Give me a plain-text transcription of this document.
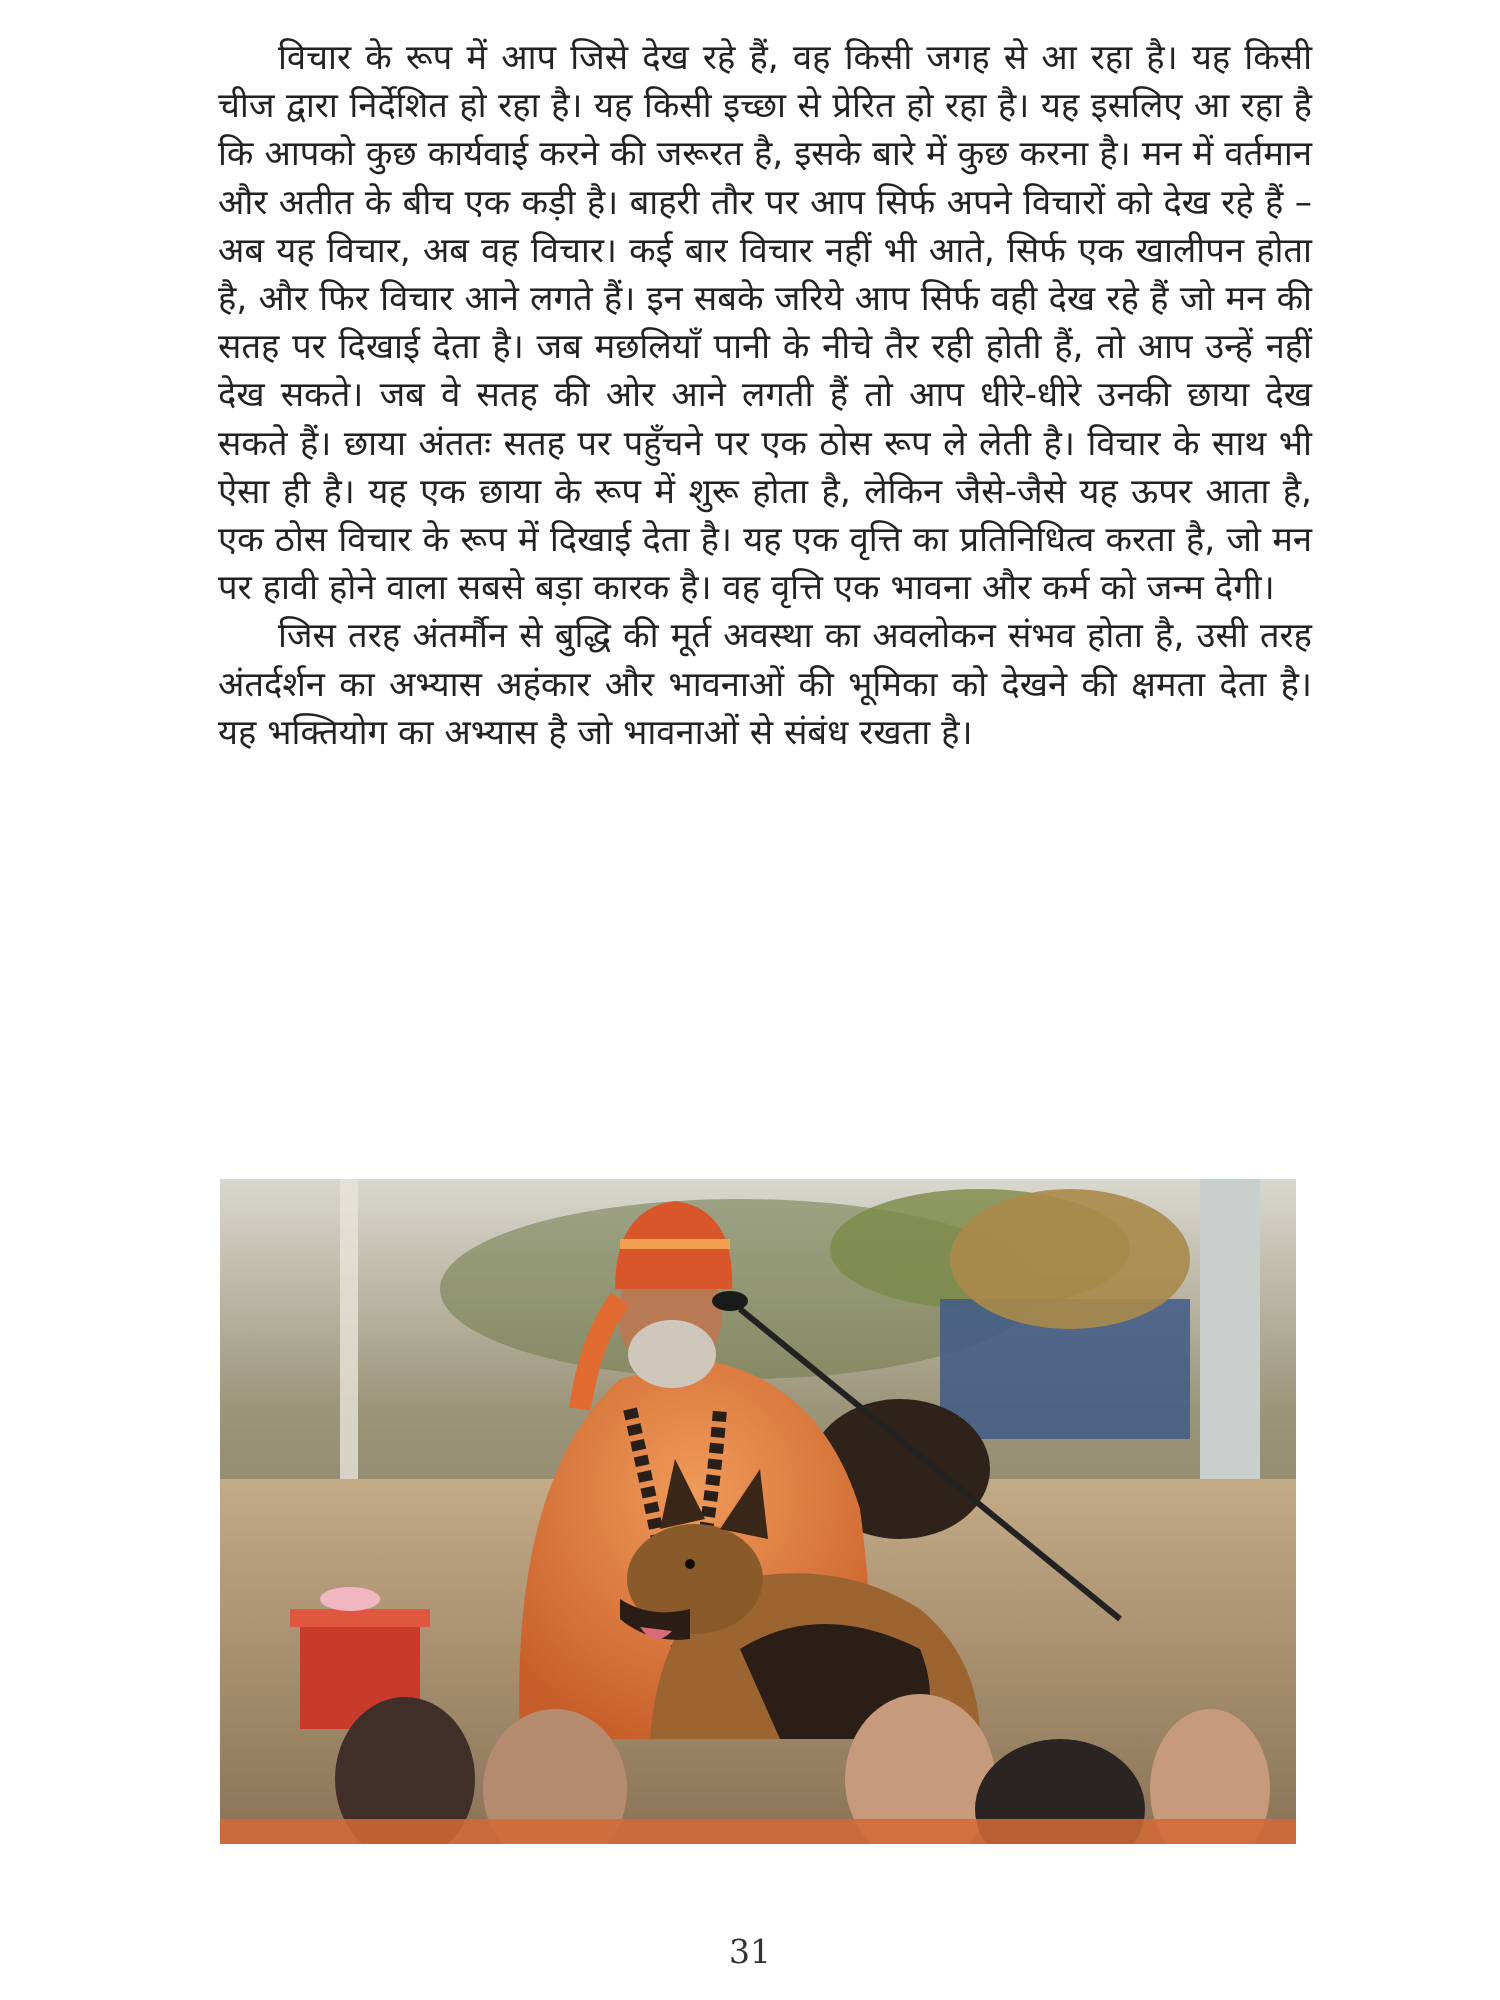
विचार के रूप में आप जिसे देख रहे हैं, वह किसी जगह से आ रहा है। यह किसी चीज द्वारा निर्देशित हो रहा है। यह किसी इच्छा से प्रेरित हो रहा है। यह इसलिए आ रहा है कि आपको कुछ कार्यवाई करने की जरूरत है, इसके बारे में कुछ करना है। मन में वर्तमान और अतीत के बीच एक कड़ी है। बाहरी तौर पर आप सिर्फ अपने विचारों को देख रहे हैं – अब यह विचार, अब वह विचार। कई बार विचार नहीं भी आते, सिर्फ एक खालीपन होता है, और फिर विचार आने लगते हैं। इन सबके जरिये आप सिर्फ वही देख रहे हैं जो मन की सतह पर दिखाई देता है। जब मछलियाँ पानी के नीचे तैर रही होती हैं, तो आप उन्हें नहीं देख सकते। जब वे सतह की ओर आने लगती हैं तो आप धीरे-धीरे उनकी छाया देख सकते हैं। छाया अंततः सतह पर पहुँचने पर एक ठोस रूप ले लेती है। विचार के साथ भी ऐसा ही है। यह एक छाया के रूप में शुरू होता है, लेकिन जैसे-जैसे यह ऊपर आता है, एक ठोस विचार के रूप में दिखाई देता है। यह एक वृत्ति का प्रतिनिधित्व करता है, जो मन पर हावी होने वाला सबसे बड़ा कारक है। वह वृत्ति एक भावना और कर्म को जन्म देगी।

जिस तरह अंतर्मौन से बुद्धि की मूर्त अवस्था का अवलोकन संभव होता है, उसी तरह अंतर्दर्शन का अभ्यास अहंकार और भावनाओं की भूमिका को देखने की क्षमता देता है। यह भक्तियोग का अभ्यास है जो भावनाओं से संबंध रखता है।

31
